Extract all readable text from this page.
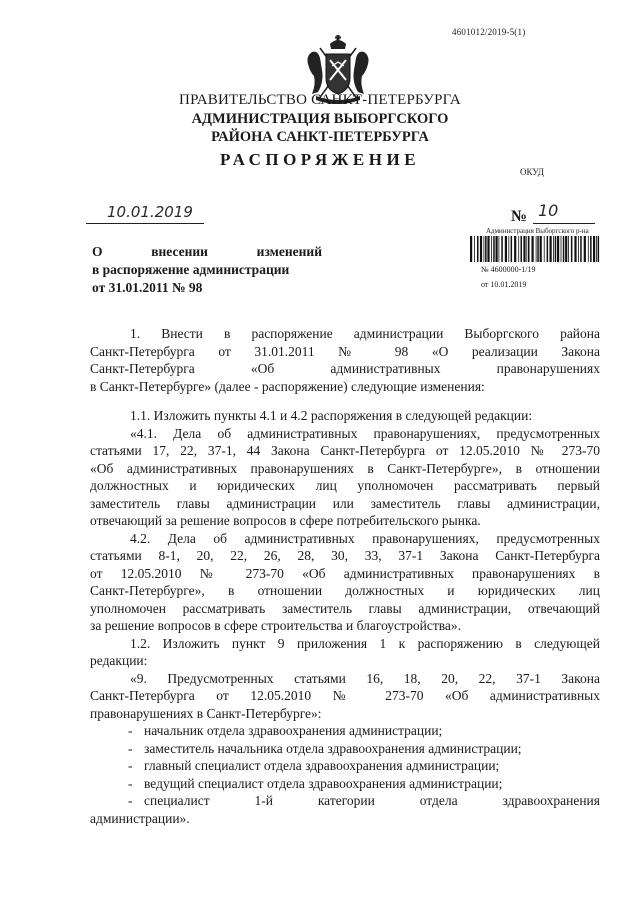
4601012/2019-5(1)
ПРАВИТЕЛЬСТВО САНКТ-ПЕТЕРБУРГА
АДМИНИСТРАЦИЯ ВЫБОРГСКОГО
РАЙОНА САНКТ-ПЕТЕРБУРГА
РАСПОРЯЖЕНИЕ
ОКУД
10.01.2019	№ 10
Администрация Выборгского р-на
№ 4600000-1/19
от 10.01.2019
О	внесении	изменений
в распоряжение администрации
от 31.01.2011 № 98

1. Внести в распоряжение администрации Выборгского района

Санкт-Петербурга от 31.01.2011 № 98 «О реализации Закона

Санкт-Петербурга «Об административных правонарушениях

в Санкт-Петербурге» (далее - распоряжение) следующие изменения:

1.1. Изложить пункты 4.1 и 4.2 распоряжения в следующей редакции:

«4.1. Дела об административных правонарушениях, предусмотренных

статьями 17, 22, 37-1, 44 Закона Санкт-Петербурга от 12.05.2010 № 273-70

«Об административных правонарушениях в Санкт-Петербурге», в отношении

должностных и юридических лиц уполномочен рассматривать первый

заместитель главы администрации или заместитель главы администрации,

отвечающий за решение вопросов в сфере потребительского рынка.

4.2. Дела об административных правонарушениях, предусмотренных

статьями 8-1, 20, 22, 26, 28, 30, 33, 37-1 Закона Санкт-Петербурга

от 12.05.2010 № 273-70 «Об административных правонарушениях в

Санкт-Петербурге», в отношении должностных и юридических лиц

уполномочен рассматривать заместитель главы администрации, отвечающий

за решение вопросов в сфере строительства и благоустройства».

1.2. Изложить пункт 9 приложения 1 к распоряжению в следующей

редакции:

«9. Предусмотренных статьями 16, 18, 20, 22, 37-1 Закона

Санкт-Петербурга от 12.05.2010 № 273-70 «Об административных

правонарушениях в Санкт-Петербурге»:

- начальник отдела здравоохранения администрации;
- заместитель начальника отдела здравоохранения администрации;
- главный специалист отдела здравоохранения администрации;
- ведущий специалист отдела здравоохранения администрации;
- специалист 1-й категории отдела здравоохранения

администрации».
